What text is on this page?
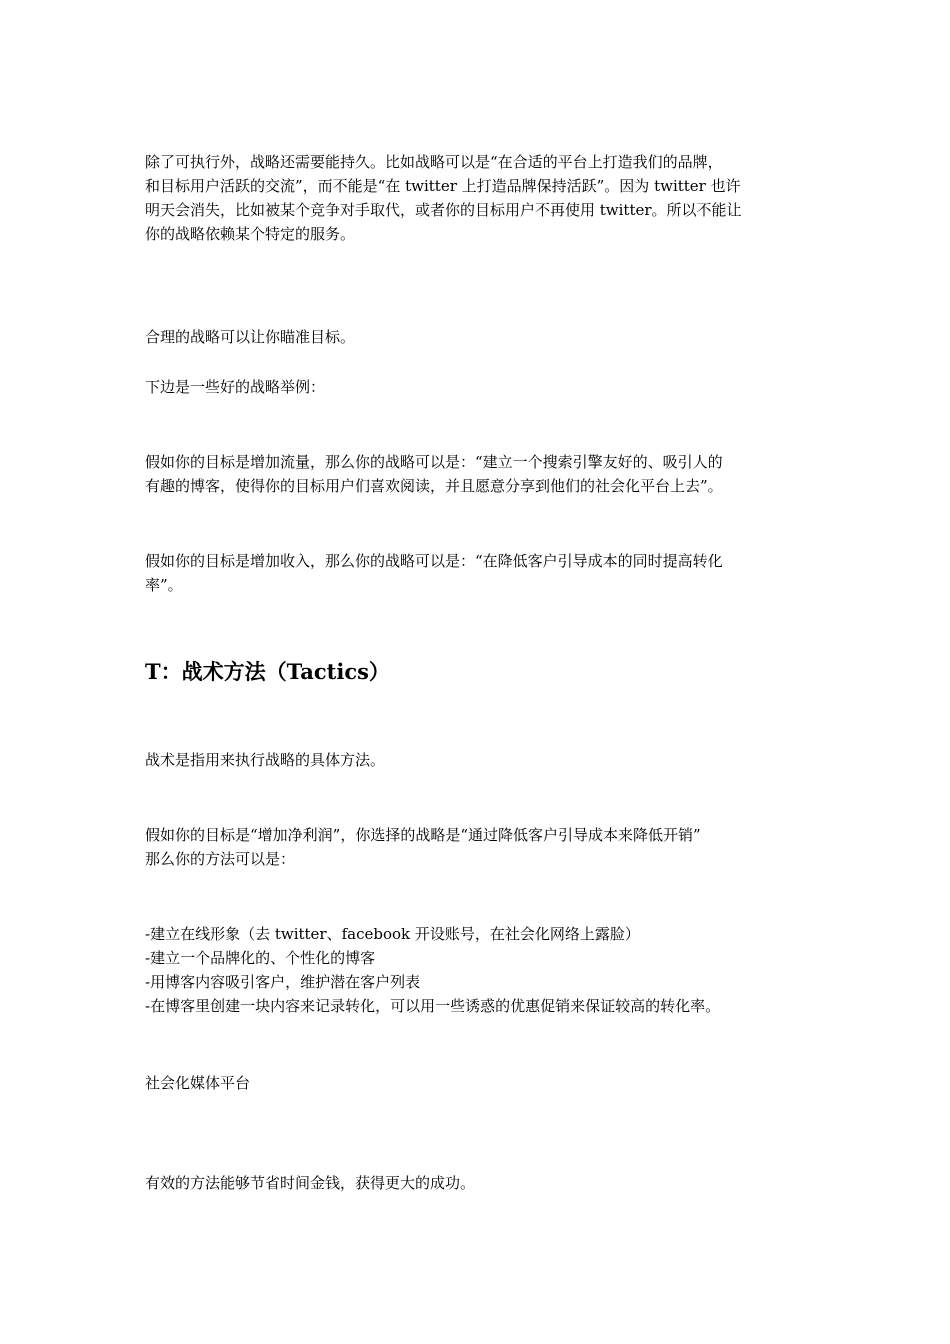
除了可执行外，战略还需要能持久。比如战略可以是“在合适的平台上打造我们的品牌，
和目标用户活跃的交流”，而不能是“在 twitter 上打造品牌保持活跃”。因为 twitter 也许
明天会消失，比如被某个竞争对手取代，或者你的目标用户不再使用 twitter。所以不能让
你的战略依赖某个特定的服务。

合理的战略可以让你瞄准目标。

下边是一些好的战略举例：

假如你的目标是增加流量，那么你的战略可以是：“建立一个搜索引擎友好的、吸引人的
有趣的博客，使得你的目标用户们喜欢阅读，并且愿意分享到他们的社会化平台上去”。

假如你的目标是增加收入，那么你的战略可以是：“在降低客户引导成本的同时提高转化
率”。

T：战术方法（Tactics）

战术是指用来执行战略的具体方法。

假如你的目标是“增加净利润”，你选择的战略是“通过降低客户引导成本来降低开销”
那么你的方法可以是：

-建立在线形象（去 twitter、facebook 开设账号，在社会化网络上露脸）
-建立一个品牌化的、个性化的博客
-用博客内容吸引客户，维护潜在客户列表
-在博客里创建一块内容来记录转化，可以用一些诱惑的优惠促销来保证较高的转化率。

社会化媒体平台

有效的方法能够节省时间金钱，获得更大的成功。
